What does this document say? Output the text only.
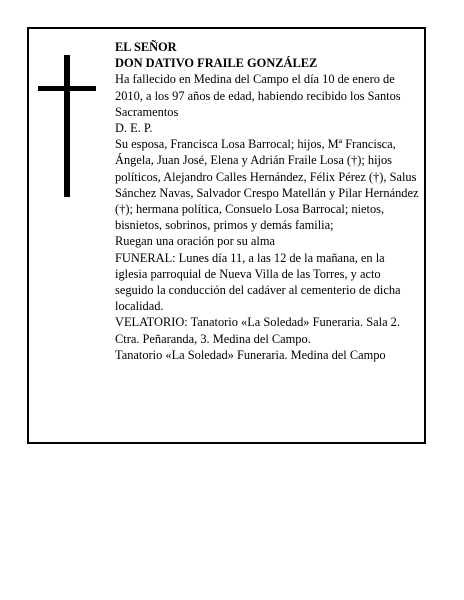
EL SEÑOR

DON DATIVO FRAILE GONZÁLEZ

Ha fallecido en Medina del Campo el día 10 de enero de 2010, a los 97 años de edad, habiendo recibido los Santos Sacramentos

D. E. P.

Su esposa, Francisca Losa Barrocal; hijos, Mª Francisca, Ángela, Juan José, Elena y Adrián Fraile Losa (†); hijos políticos, Alejandro Calles Hernández, Félix Pérez (†), Salus Sánchez Navas, Salvador Crespo Matellán y Pilar Hernández (†); hermana política, Consuelo Losa Barrocal; nietos, bisnietos, sobrinos, primos y demás familia;

Ruegan una oración por su alma

FUNERAL: Lunes día 11, a las 12 de la mañana, en la iglesia parroquial de Nueva Villa de las Torres, y acto seguido la conducción del cadáver al cementerio de dicha localidad.

VELATORIO: Tanatorio «La Soledad» Funeraria. Sala 2. Ctra. Peñaranda, 3. Medina del Campo.

Tanatorio «La Soledad» Funeraria. Medina del Campo
